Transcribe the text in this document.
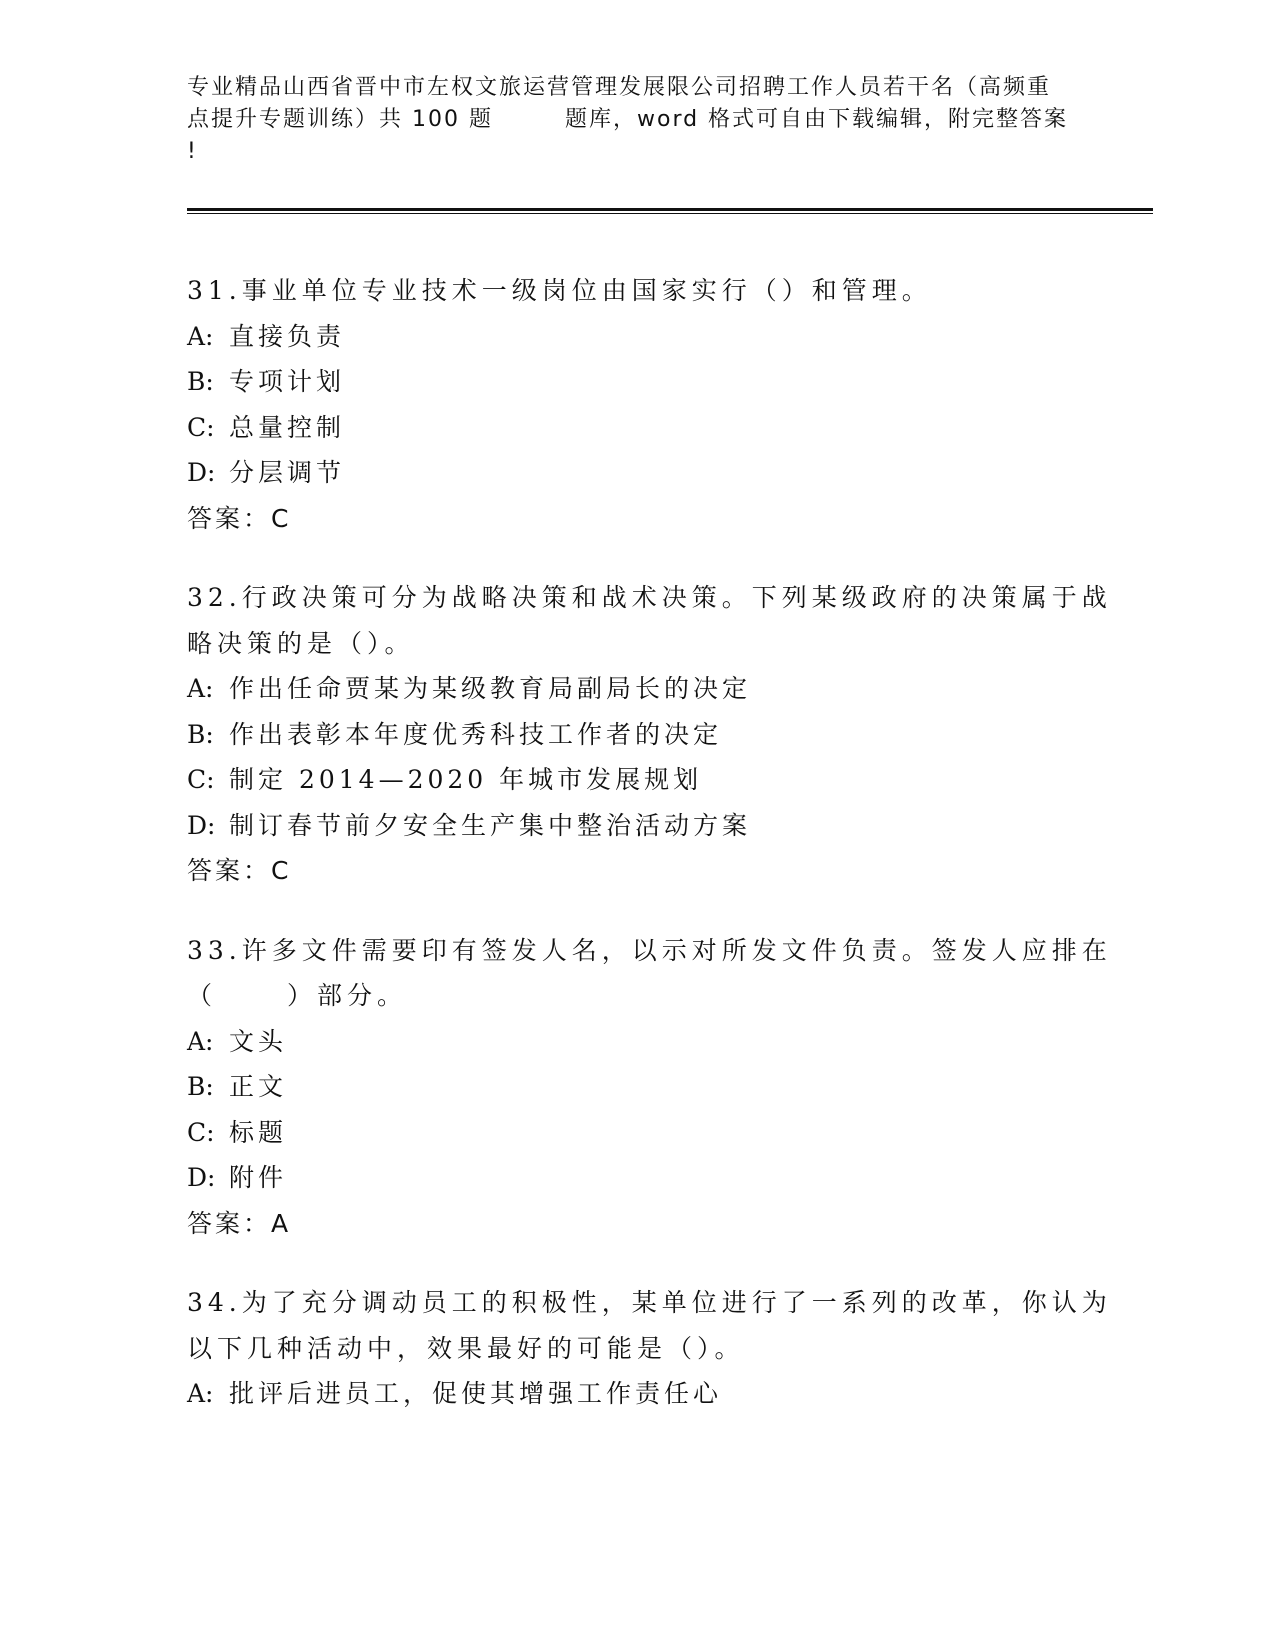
专业精品山西省晋中市左权文旅运营管理发展限公司招聘工作人员若干名（高频重
点提升专题训练）共 100 题	题库，word 格式可自由下载编辑，附完整答案
!
31.事业单位专业技术一级岗位由国家实行（）和管理。
A: 直接负责
B: 专项计划
C: 总量控制
D: 分层调节
答案：C
32.行政决策可分为战略决策和战术决策。下列某级政府的决策属于战
略决策的是（）。
A: 作出任命贾某为某级教育局副局长的决定
B: 作出表彰本年度优秀科技工作者的决定
C: 制定 2014—2020 年城市发展规划
D: 制订春节前夕安全生产集中整治活动方案
答案：C
33.许多文件需要印有签发人名，以示对所发文件负责。签发人应排在
（	）部分。
A: 文头
B: 正文
C: 标题
D: 附件
答案：A
34.为了充分调动员工的积极性，某单位进行了一系列的改革，你认为
以下几种活动中，效果最好的可能是（）。
A: 批评后进员工，促使其增强工作责任心
